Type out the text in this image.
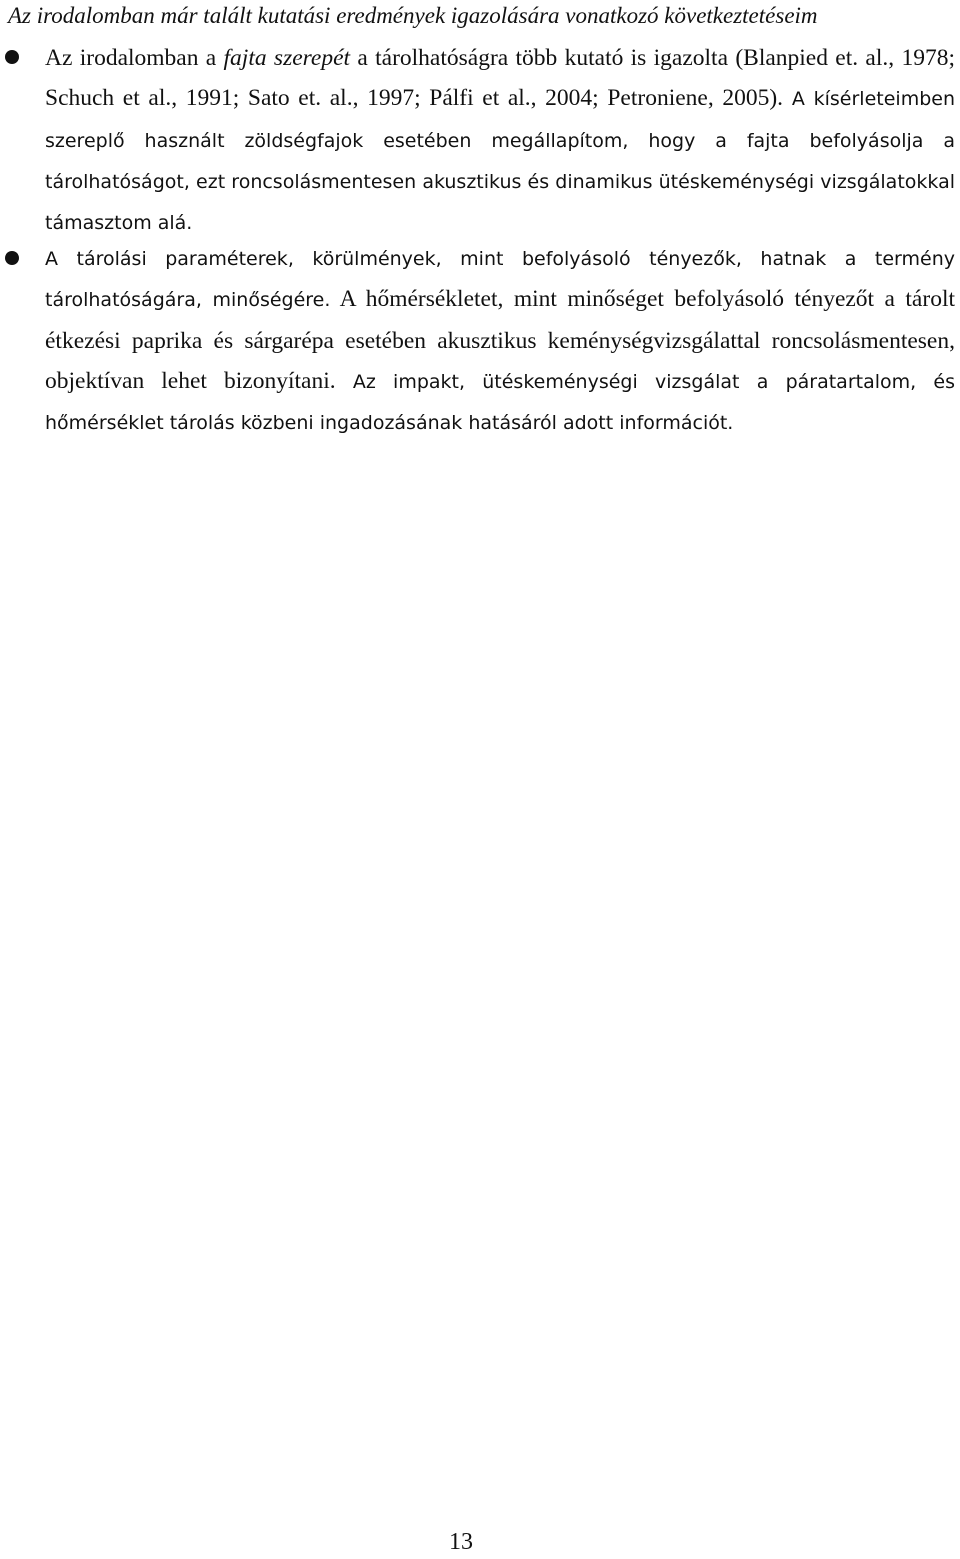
Az irodalomban már talált kutatási eredmények igazolására vonatkozó következtetéseim
Az irodalomban a fajta szerepét a tárolhatóságra több kutató is igazolta (Blanpied et. al., 1978; Schuch et al., 1991; Sato et. al., 1997; Pálfi et al., 2004; Petroniene, 2005). A kísérleteimben szereplő használt zöldségfajok esetében megállapítom, hogy a fajta befolyásolja a tárolhatóságot, ezt roncsolásmentesen akusztikus és dinamikus ütéskeménységi vizsgálatokkal támasztom alá.
A tárolási paraméterek, körülmények, mint befolyásoló tényezők, hatnak a termény tárolhatóságára, minőségére. A hőmérsékletet, mint minőséget befolyásoló tényezőt a tárolt étkezési paprika és sárgarépa esetében akusztikus keménységvizsgálattal roncsolásmentesen, objektívan lehet bizonyítani. Az impakt, ütéskeménységi vizsgálat a páratartalom, és hőmérséklet tárolás közbeni ingadozásának hatásáról adott információt.
13
